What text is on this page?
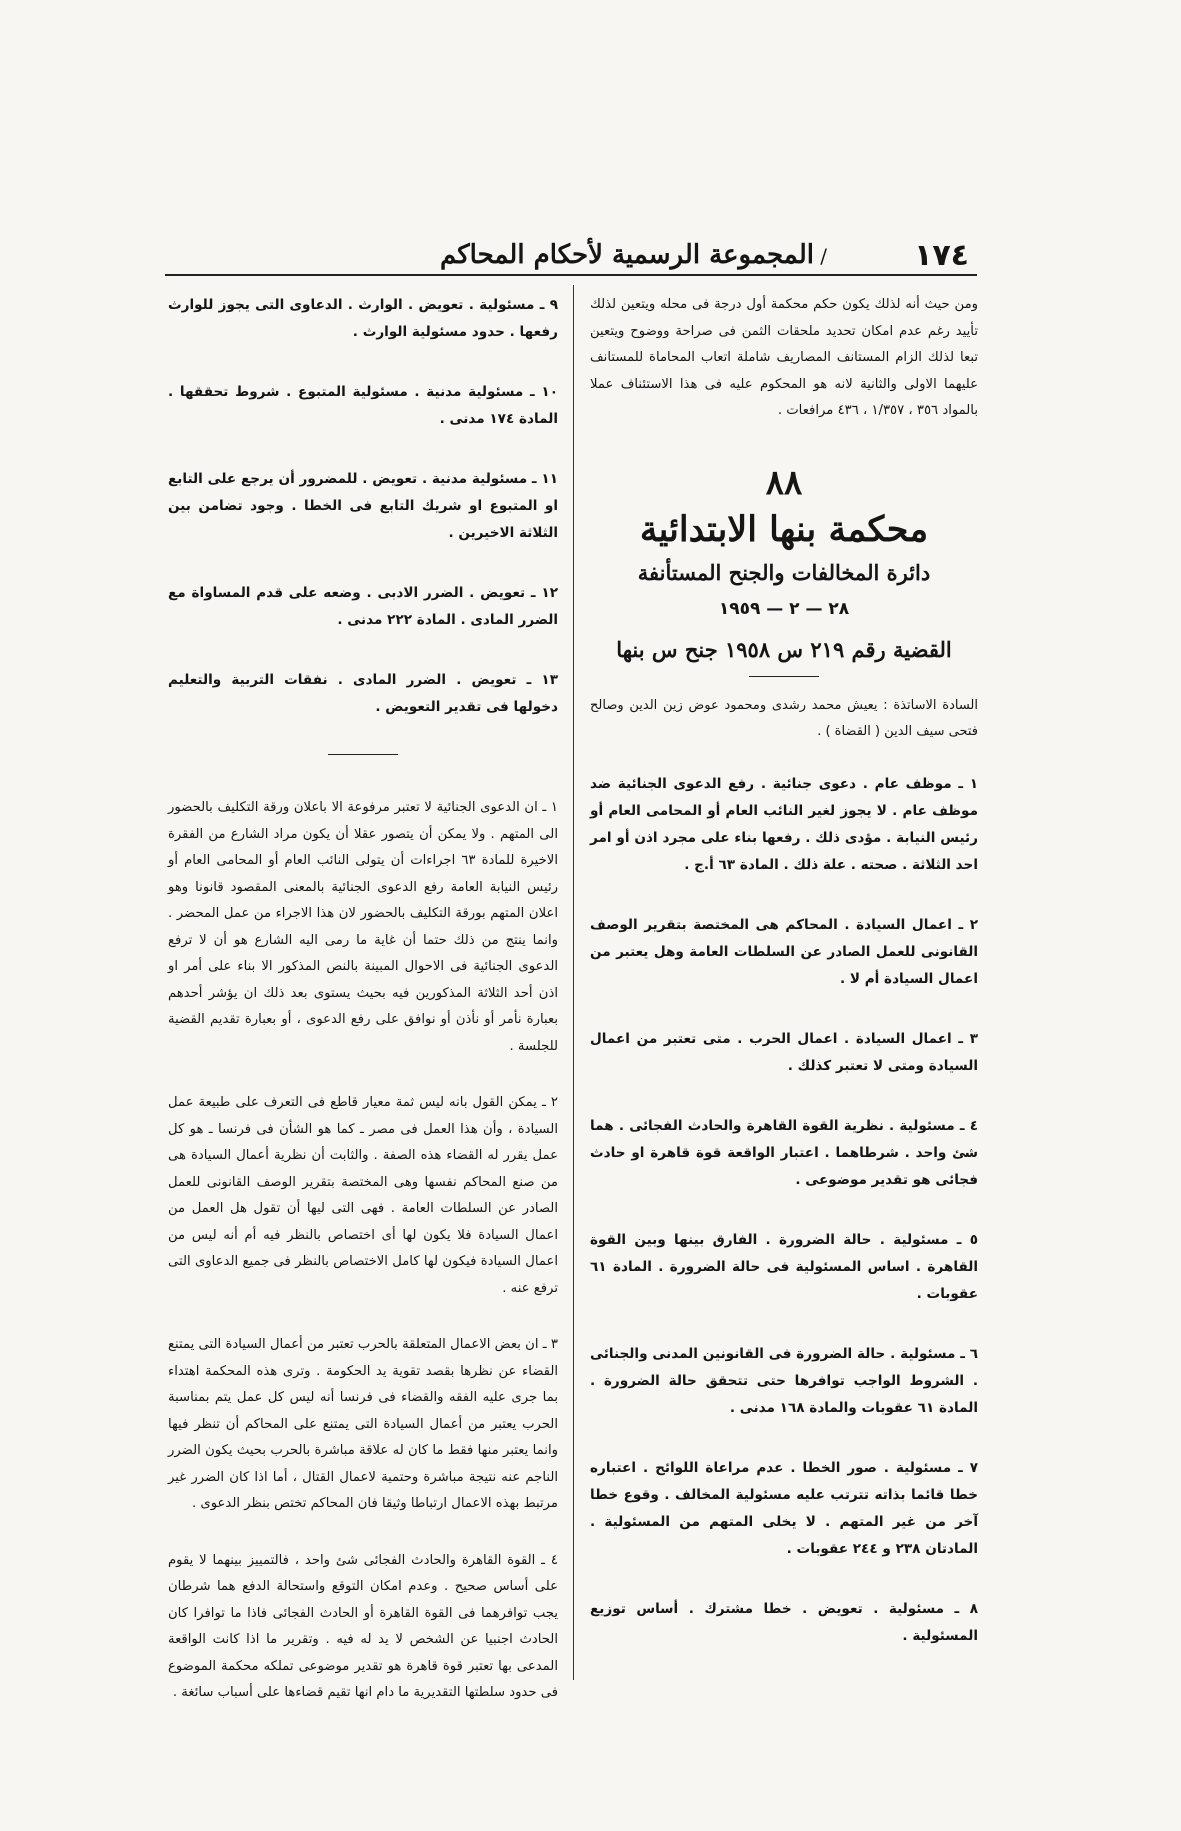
١٧٤
/
المجموعة الرسمية لأحكام المحاكم

ومن حيث أنه لذلك يكون حكم محكمة أول درجة فى محله ويتعين لذلك تأييد رغم عدم امكان تحديد ملحقات الثمن فى صراحة ووضوح ويتعين تبعا لذلك الزام المستانف المصاريف شاملة اتعاب المحاماة للمستانف عليهما الاولى والثانية لانه هو المحكوم عليه فى هذا الاستئناف عملا بالمواد ٣٥٦ ، ١/٣٥٧ ، ٤٣٦ مرافعات .

٨٨
محكمة بنها الابتدائية
دائرة المخالفات والجنح المستأنفة
٢٨ — ٢ — ١٩٥٩
القضية رقم ٢١٩ س ١٩٥٨ جنح س بنها

السادة الاساتذة : يعيش محمد رشدى ومحمود عوض زين الدين وصالح فتحى سيف الدين ( القضاة ) .

١ ـ موظف عام . دعوى جنائية . رفع الدعوى الجنائية ضد موظف عام . لا يجوز لغير النائب العام أو المحامى العام أو رئيس النيابة . مؤدى ذلك . رفعها بناء على مجرد اذن أو امر احد الثلاثة . صحته . علة ذلك . المادة ٦٣ أ.ج .

٢ ـ اعمال السيادة . المحاكم هى المختصة بتقرير الوصف القانونى للعمل الصادر عن السلطات العامة وهل يعتبر من اعمال السيادة أم لا .

٣ ـ اعمال السيادة . اعمال الحرب . متى تعتبر من اعمال السيادة ومتى لا تعتبر كذلك .

٤ ـ مسئولية . نظرية القوة القاهرة والحادث الفجائى . هما شئ واحد . شرطاهما . اعتبار الواقعة قوة قاهرة او حادث فجائى هو تقدير موضوعى .

٥ ـ مسئولية . حالة الضرورة . الفارق بينها وبين القوة القاهرة . اساس المسئولية فى حالة الضرورة . المادة ٦١ عقوبات .

٦ ـ مسئولية . حالة الضرورة فى القانونين المدنى والجنائى . الشروط الواجب توافرها حتى تتحقق حالة الضرورة . المادة ٦١ عقوبات والمادة ١٦٨ مدنى .

٧ ـ مسئولية . صور الخطا . عدم مراعاة اللوائح . اعتباره خطا قائما بذاته تترتب عليه مسئولية المخالف . وقوع خطا آخر من غير المتهم . لا يخلى المتهم من المسئولية . المادتان ٢٣٨ و ٢٤٤ عقوبات .

٨ ـ مسئولية . تعويض . خطا مشترك . أساس توزيع المسئولية .

٩ ـ مسئولية . تعويض . الوارث . الدعاوى التى يجوز للوارث رفعها . حدود مسئولية الوارث .

١٠ ـ مسئولية مدنية . مسئولية المتبوع . شروط تحققها . المادة ١٧٤ مدنى .

١١ ـ مسئولية مدنية . تعويض . للمضرور أن يرجع على التابع او المتبوع او شريك التابع فى الخطا . وجود تضامن بين الثلاثة الاخيرين .

١٢ ـ تعويض . الضرر الادبى . وضعه على قدم المساواة مع الضرر المادى . المادة ٢٢٢ مدنى .

١٣ ـ تعويض . الضرر المادى . نفقات التربية والتعليم دخولها فى تقدير التعويض .

١ ـ ان الدعوى الجنائية لا تعتبر مرفوعة الا باعلان ورقة التكليف بالحضور الى المتهم . ولا يمكن أن يتصور عقلا أن يكون مراد الشارع من الفقرة الاخيرة للمادة ٦٣ اجراءات أن يتولى النائب العام أو المحامى العام أو رئيس النيابة العامة رفع الدعوى الجنائية بالمعنى المقصود قانونا وهو اعلان المتهم بورقة التكليف بالحضور لان هذا الاجراء من عمل المحضر . وانما ينتج من ذلك حتما أن غاية ما رمى اليه الشارع هو أن لا ترفع الدعوى الجنائية فى الاحوال المبينة بالنص المذكور الا بناء على أمر او اذن أحد الثلاثة المذكورين فيه بحيث يستوى بعد ذلك ان يؤشر أحدهم بعبارة نأمر أو نأذن أو نوافق على رفع الدعوى ، أو بعبارة تقديم القضية للجلسة .

٢ ـ يمكن القول بانه ليس ثمة معيار قاطع فى التعرف على طبيعة عمل السيادة ، وأن هذا العمل فى مصر ـ كما هو الشأن فى فرنسا ـ هو كل عمل يقرر له القضاء هذه الصفة . والثابت أن نظرية أعمال السيادة هى من صنع المحاكم نفسها وهى المختصة بتقرير الوصف القانونى للعمل الصادر عن السلطات العامة . فهى التى ليها أن تقول هل العمل من اعمال السيادة فلا يكون لها أى اختصاص بالنظر فيه أم أنه ليس من اعمال السيادة فيكون لها كامل الاختصاص بالنظر فى جميع الدعاوى التى ترفع عنه .

٣ ـ ان بعض الاعمال المتعلقة بالحرب تعتبر من أعمال السيادة التى يمتنع القضاء عن نظرها بقصد تقوية يد الحكومة . وترى هذه المحكمة اهتداء بما جرى عليه الفقه والقضاء فى فرنسا أنه ليس كل عمل يتم بمناسبة الحرب يعتبر من أعمال السيادة التى يمتنع على المحاكم أن تنظر فيها وانما يعتبر منها فقط ما كان له علاقة مباشرة بالحرب بحيث يكون الضرر الناجم عنه نتيجة مباشرة وحتمية لاعمال القتال ، أما اذا كان الضرر غير مرتبط بهذه الاعمال ارتباطا وثيقا فان المحاكم تختص بنظر الدعوى .

٤ ـ القوة القاهرة والحادث الفجائى شئ واحد ، فالتمييز بينهما لا يقوم على أساس صحيح . وعدم امكان التوقع واستحالة الدفع هما شرطان يجب توافرهما فى القوة القاهرة أو الحادث الفجائى فاذا ما توافرا كان الحادث اجنبيا عن الشخص لا يد له فيه . وتقرير ما اذا كانت الواقعة المدعى بها تعتبر قوة قاهرة هو تقدير موضوعى تملكه محكمة الموضوع فى حدود سلطتها التقديرية ما دام انها تقيم قضاءها على أسباب سائغة .
